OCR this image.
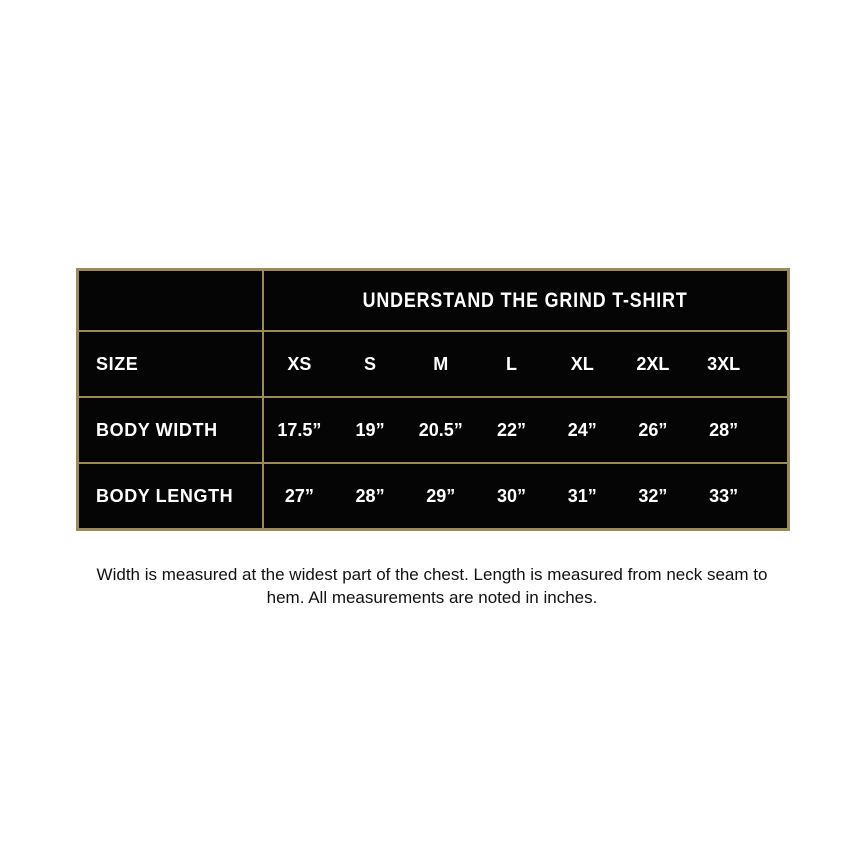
UNDERSTAND THE GRIND T-SHIRT
SIZE	XS	S	M	L	XL 2XL 3XL
BODY WIDTH	17.5” 19” 20.5” 22” 24” 26” 28”
BODY LENGTH	27” 28” 29” 30” 31” 32” 33”

Width is measured at the widest part of the chest. Length is measured from neck seam to hem. All measurements are noted in inches.
